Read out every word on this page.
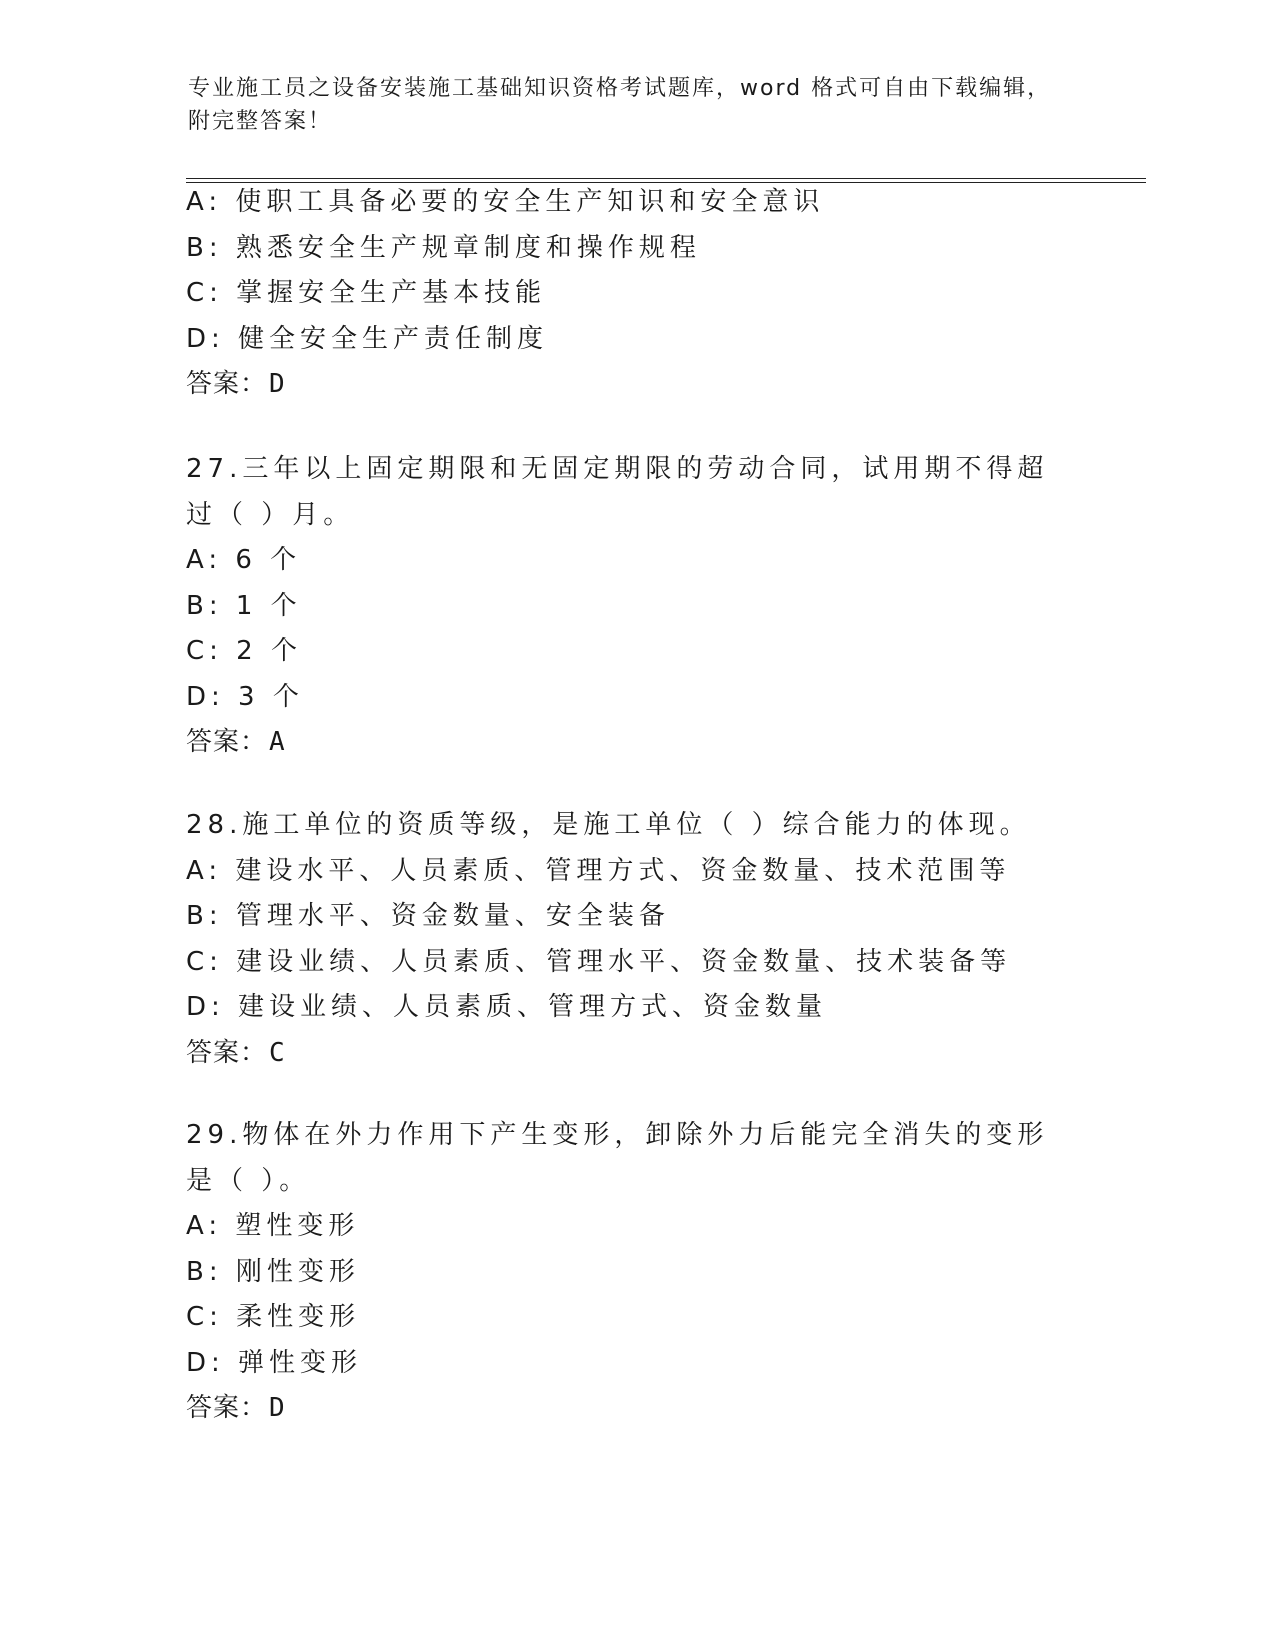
专业施工员之设备安装施工基础知识资格考试题库，word 格式可自由下载编辑，附完整答案！
A: 使职工具备必要的安全生产知识和安全意识
B: 熟悉安全生产规章制度和操作规程
C: 掌握安全生产基本技能
D: 健全安全生产责任制度
答案：D
27.三年以上固定期限和无固定期限的劳动合同，试用期不得超过（ ）月。
A: 6 个
B: 1 个
C: 2 个
D: 3 个
答案：A
28.施工单位的资质等级，是施工单位（ ）综合能力的体现。
A: 建设水平、人员素质、管理方式、资金数量、技术范围等
B: 管理水平、资金数量、安全装备
C: 建设业绩、人员素质、管理水平、资金数量、技术装备等
D: 建设业绩、人员素质、管理方式、资金数量
答案：C
29.物体在外力作用下产生变形，卸除外力后能完全消失的变形是（ ）。
A: 塑性变形
B: 刚性变形
C: 柔性变形
D: 弹性变形
答案：D
